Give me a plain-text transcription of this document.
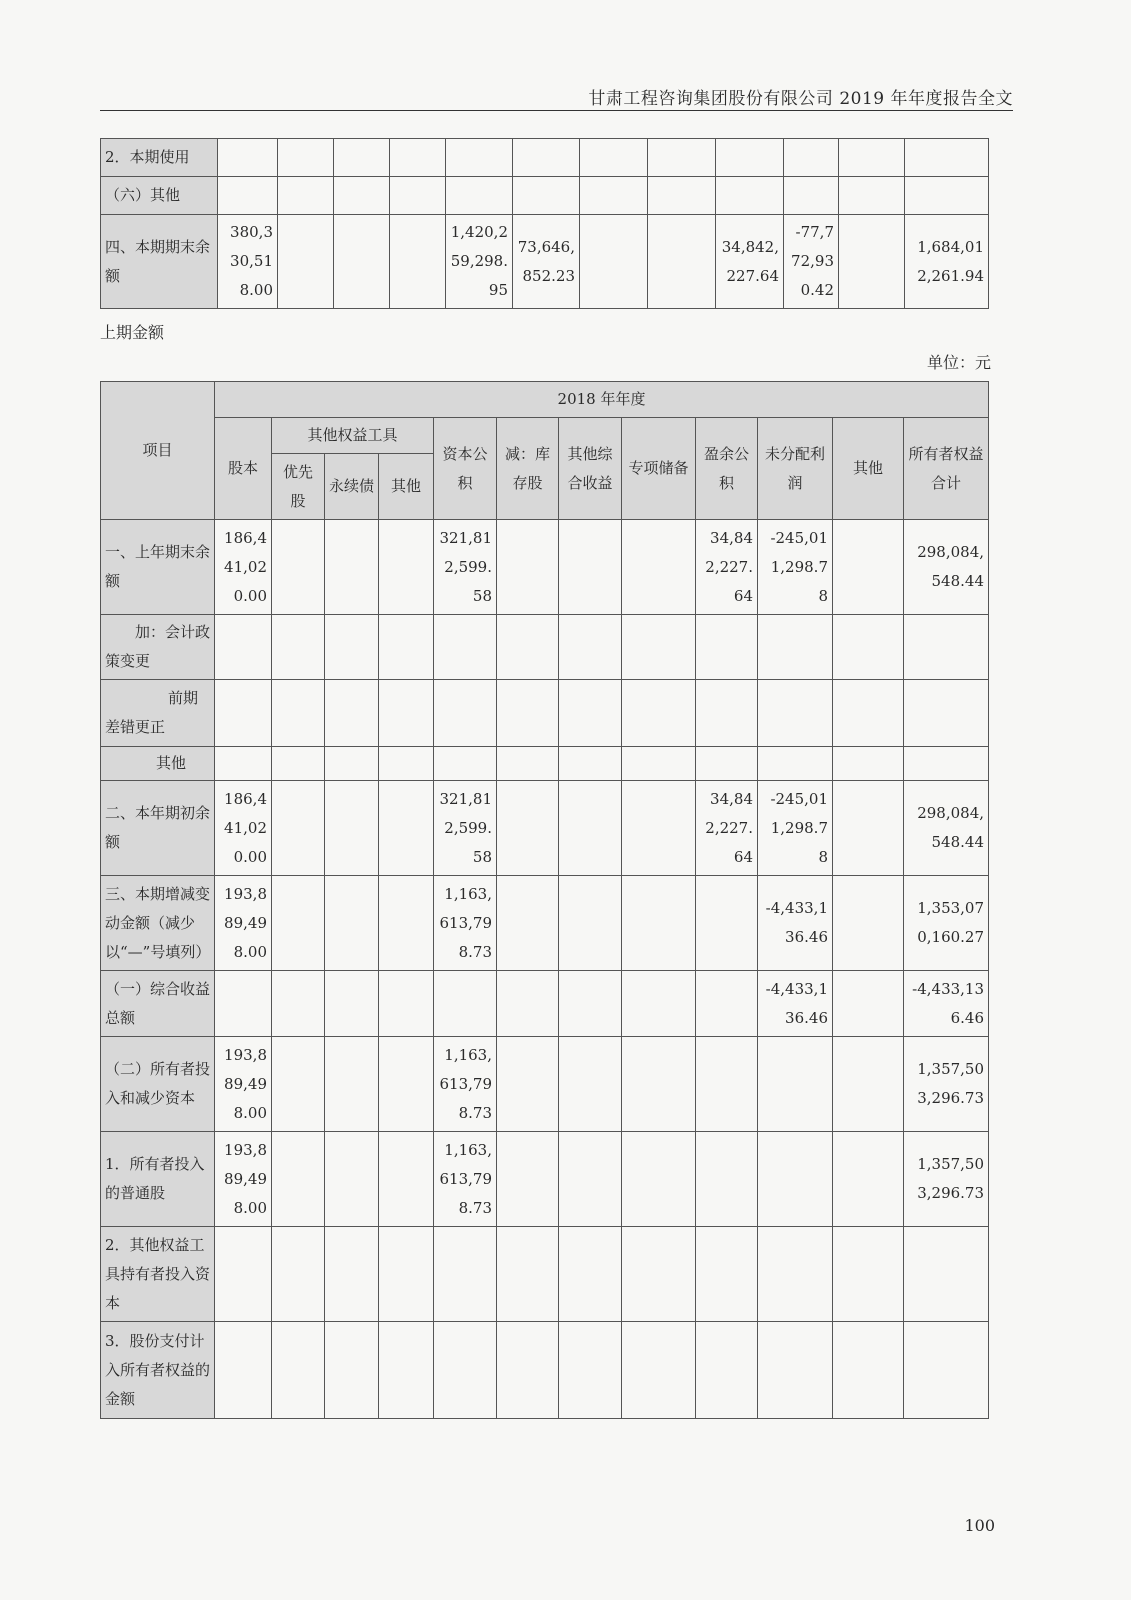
甘肃工程咨询集团股份有限公司 2019 年年度报告全文
2．本期使用												
（六）其他												
四、本期期末余额	380,330,518.00				1,420,259,298.95	73,646,852.23			34,842,227.64	-77,772,930.42		1,684,012,261.94
上期金额
单位：元
项目	2018 年年度											
	股本	其他权益工具			资本公积	减：库存股	其他综合收益	专项储备	盈余公积	未分配利润	其他	所有者权益合计
		优先股	永续债	其他								
一、上年期末余额	186,441,020.00				321,812,599.58				34,842,227.64	-245,011,298.78		298,084,548.44
加：会计政策变更												
前期差错更正												
其他												
二、本年期初余额	186,441,020.00				321,812,599.58				34,842,227.64	-245,011,298.78		298,084,548.44
三、本期增减变动金额（减少以“—”号填列）	193,889,498.00				1,163,613,798.73					-4,433,136.46		1,353,070,160.27
（一）综合收益总额										-4,433,136.46		-4,433,136.46
（二）所有者投入和减少资本	193,889,498.00				1,163,613,798.73							1,357,503,296.73
1．所有者投入的普通股	193,889,498.00				1,163,613,798.73							1,357,503,296.73
2．其他权益工具持有者投入资本												
3．股份支付计入所有者权益的金额												
100
